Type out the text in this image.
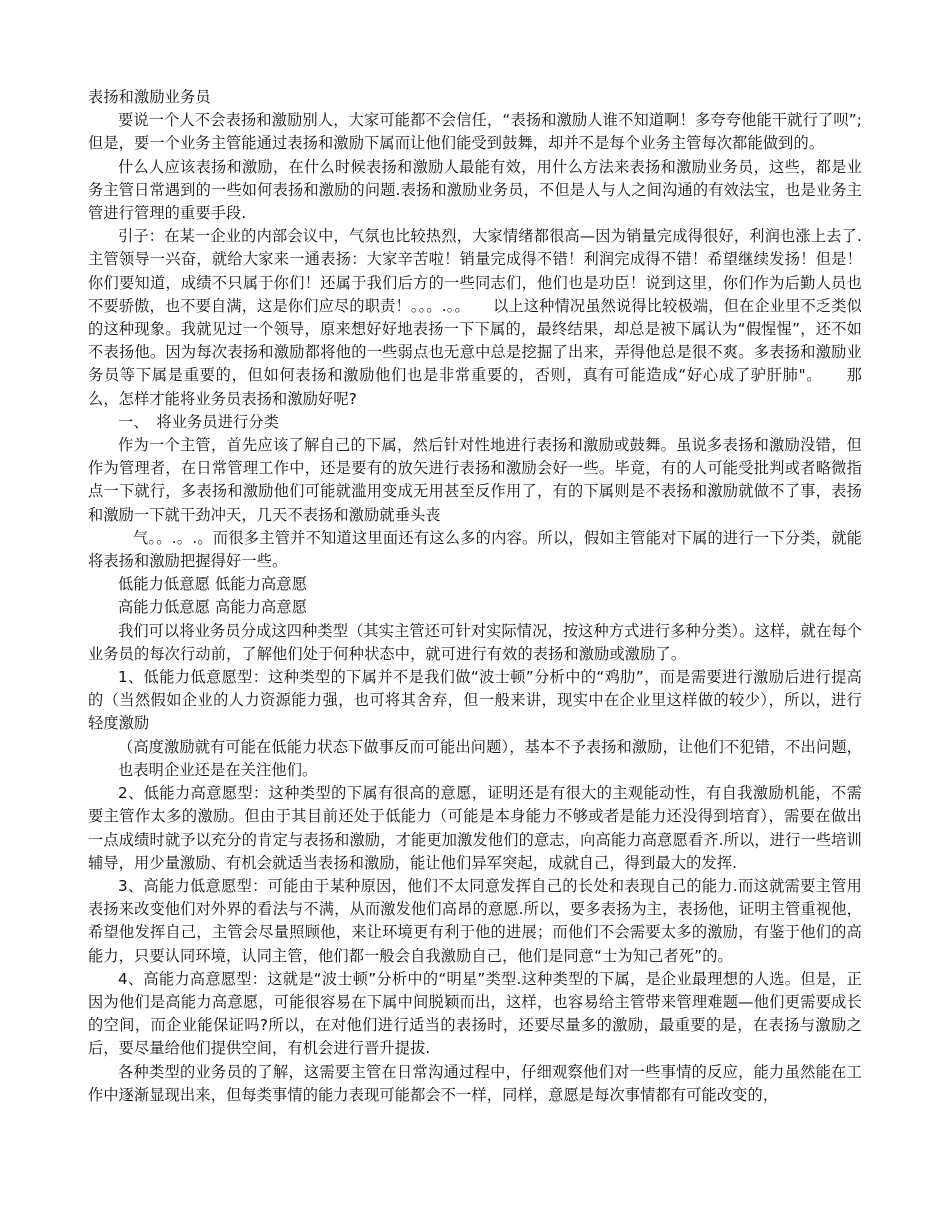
表扬和激励业务员

要说一个人不会表扬和激励别人，大家可能都不会信任，“表扬和激励人谁不知道啊！多夸夸他能干就行了呗”;但是，要一个业务主管能通过表扬和激励下属而让他们能受到鼓舞，却并不是每个业务主管每次都能做到的。

什么人应该表扬和激励，在什么时候表扬和激励人最能有效，用什么方法来表扬和激励业务员，这些，都是业务主管日常遇到的一些如何表扬和激励的问题.表扬和激励业务员，不但是人与人之间沟通的有效法宝，也是业务主管进行管理的重要手段.

引子：在某一企业的内部会议中，气氛也比较热烈，大家情绪都很高—因为销量完成得很好，利润也涨上去了.主管领导一兴奋，就给大家来一通表扬：大家辛苦啦！销量完成得不错！利润完成得不错！希望继续发扬！但是！你们要知道，成绩不只属于你们！还属于我们后方的一些同志们，他们也是功臣！说到这里，你们作为后勤人员也不要骄傲，也不要自满，这是你们应尽的职责！。。。.。。　　以上这种情况虽然说得比较极端，但在企业里不乏类似的这种现象。我就见过一个领导，原来想好好地表扬一下下属的，最终结果，却总是被下属认为“假惺惺”，还不如不表扬他。因为每次表扬和激励都将他的一些弱点也无意中总是挖掘了出来，弄得他总是很不爽。多表扬和激励业务员等下属是重要的，但如何表扬和激励他们也是非常重要的，否则，真有可能造成“好心成了驴肝肺"。　　那么，怎样才能将业务员表扬和激励好呢?

一、　将业务员进行分类

作为一个主管，首先应该了解自己的下属，然后针对性地进行表扬和激励或鼓舞。虽说多表扬和激励没错，但作为管理者，在日常管理工作中，还是要有的放矢进行表扬和激励会好一些。毕竟，有的人可能受批判或者略微指点一下就行，多表扬和激励他们可能就滥用变成无用甚至反作用了，有的下属则是不表扬和激励就做不了事，表扬和激励一下就干劲冲天，几天不表扬和激励就垂头丧

气。。.。.。而很多主管并不知道这里面还有这么多的内容。所以，假如主管能对下属的进行一下分类，就能将表扬和激励把握得好一些。

低能力低意愿 低能力高意愿

高能力低意愿 高能力高意愿

我们可以将业务员分成这四种类型（其实主管还可针对实际情况，按这种方式进行多种分类）。这样，就在每个业务员的每次行动前，了解他们处于何种状态中，就可进行有效的表扬和激励或激励了。

1、低能力低意愿型：这种类型的下属并不是我们做“波士顿”分析中的“鸡肋”，而是需要进行激励后进行提高的（当然假如企业的人力资源能力强，也可将其舍弃，但一般来讲，现实中在企业里这样做的较少），所以，进行轻度激励

（高度激励就有可能在低能力状态下做事反而可能出问题），基本不予表扬和激励，让他们不犯错，不出问题，也表明企业还是在关注他们。

2、低能力高意愿型：这种类型的下属有很高的意愿，证明还是有很大的主观能动性，有自我激励机能，不需要主管作太多的激励。但由于其目前还处于低能力（可能是本身能力不够或者是能力还没得到培育），需要在做出一点成绩时就予以充分的肯定与表扬和激励，才能更加激发他们的意志，向高能力高意愿看齐.所以，进行一些培训辅导，用少量激励、有机会就适当表扬和激励，能让他们异军突起，成就自己，得到最大的发挥.

3、高能力低意愿型：可能由于某种原因，他们不太同意发挥自己的长处和表现自己的能力.而这就需要主管用表扬来改变他们对外界的看法与不满，从而激发他们高昂的意愿.所以，要多表扬为主，表扬他，证明主管重视他，希望他发挥自己，主管会尽量照顾他，来让环境更有利于他的进展；而他们不会需要太多的激励，有鉴于他们的高能力，只要认同环境，认同主管，他们都一般会自我激励自己，他们是同意“士为知己者死”的。

4、高能力高意愿型：这就是“波士顿”分析中的“明星”类型.这种类型的下属，是企业最理想的人选。但是，正因为他们是高能力高意愿，可能很容易在下属中间脱颖而出，这样，也容易给主管带来管理难题—他们更需要成长的空间，而企业能保证吗?所以，在对他们进行适当的表扬时，还要尽量多的激励，最重要的是，在表扬与激励之后，要尽量给他们提供空间，有机会进行晋升提拔.

各种类型的业务员的了解，这需要主管在日常沟通过程中，仔细观察他们对一些事情的反应，能力虽然能在工作中逐渐显现出来，但每类事情的能力表现可能都会不一样，同样，意愿是每次事情都有可能改变的，
